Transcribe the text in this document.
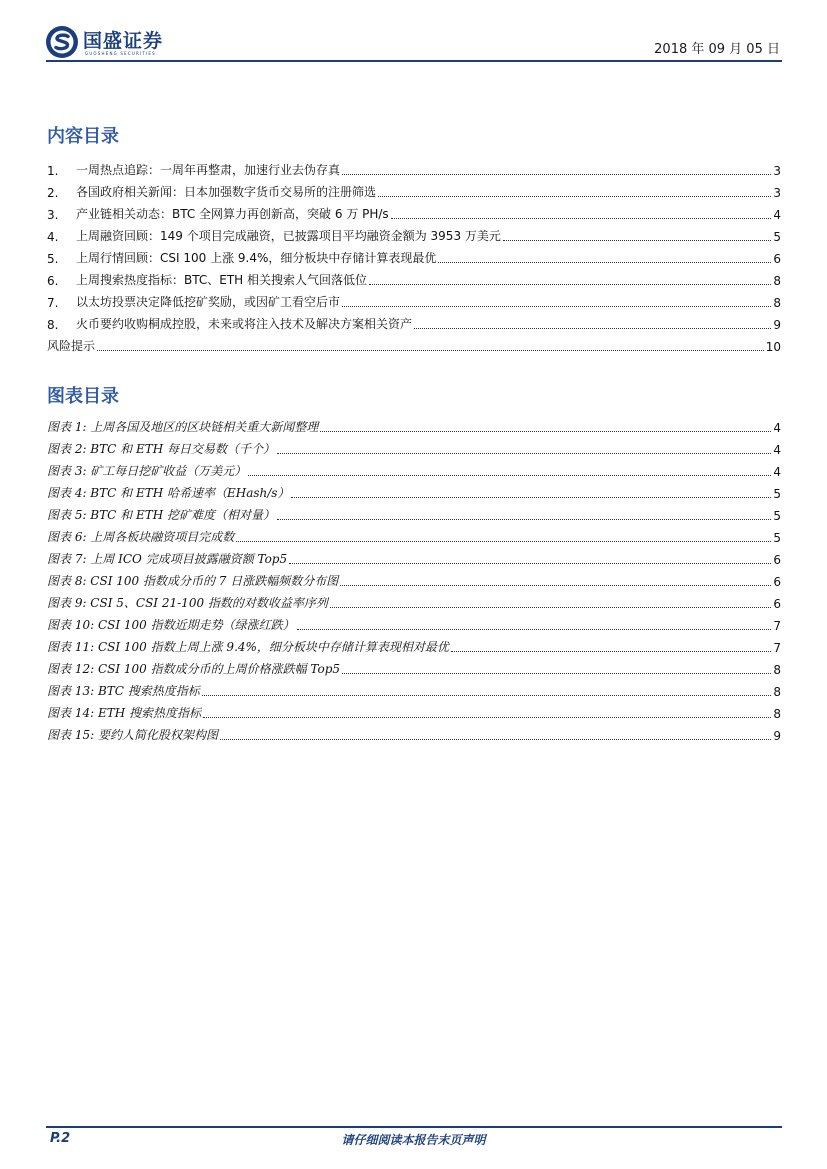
国盛证券
GUOSHENG SECURITIES	2018 年 09 月 05 日
内容目录
1.	一周热点追踪：一周年再整肃，加速行业去伪存真	3
2.	各国政府相关新闻：日本加强数字货币交易所的注册筛选	3
3.	产业链相关动态：BTC 全网算力再创新高，突破 6 万 PH/s	4
4.	上周融资回顾：149 个项目完成融资，已披露项目平均融资金额为 3953 万美元	5
5.	上周行情回顾：CSI 100 上涨 9.4%，细分板块中存储计算表现最优	6
6.	上周搜索热度指标：BTC、ETH 相关搜索人气回落低位	8
7.	以太坊投票决定降低挖矿奖励，或因矿工看空后市	8
8.	火币要约收购桐成控股，未来或将注入技术及解决方案相关资产	9
风险提示	10
图表目录
图表 1: 上周各国及地区的区块链相关重大新闻整理	4
图表 2: BTC 和 ETH 每日交易数（千个）	4
图表 3: 矿工每日挖矿收益（万美元）	4
图表 4: BTC 和 ETH 哈希速率（EHash/s）	5
图表 5: BTC 和 ETH 挖矿难度（相对量）	5
图表 6: 上周各板块融资项目完成数	5
图表 7: 上周 ICO 完成项目披露融资额 Top5	6
图表 8: CSI 100 指数成分币的 7 日涨跌幅频数分布图	6
图表 9: CSI 5、CSI 21-100 指数的对数收益率序列	6
图表 10: CSI 100 指数近期走势（绿涨红跌）	7
图表 11: CSI 100 指数上周上涨 9.4%，细分板块中存储计算表现相对最优	7
图表 12: CSI 100 指数成分币的上周价格涨跌幅 Top5	8
图表 13: BTC 搜索热度指标	8
图表 14: ETH 搜索热度指标	8
图表 15: 要约人简化股权架构图	9
P.2	请仔细阅读本报告末页声明
